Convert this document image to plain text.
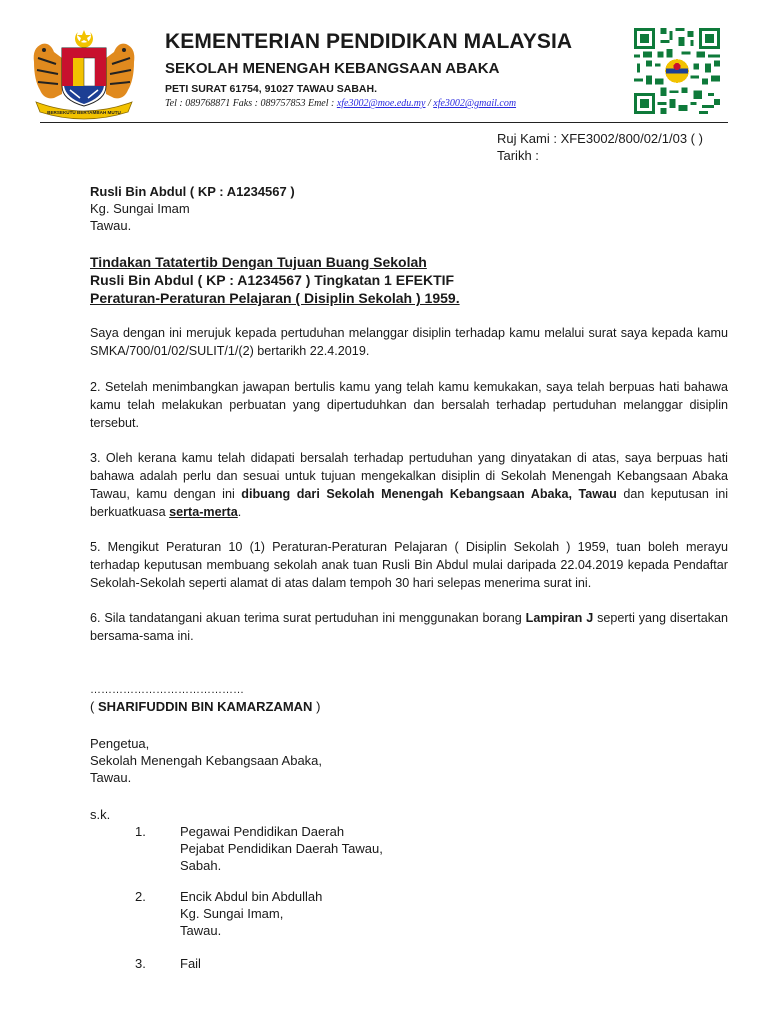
BERSEKUTU BERTAMBAH MUTU
KEMENTERIAN PENDIDIKAN MALAYSIA
SEKOLAH MENENGAH KEBANGSAAN ABAKA
PETI SURAT 61754, 91027 TAWAU SABAH.
Tel : 089768871 Faks : 089757853 Emel : xfe3002@moe.edu.my / xfe3002@gmail.com
Ruj Kami : XFE3002/800/02/1/03 ( )
Tarikh :
Rusli Bin Abdul ( KP : A1234567 )
Kg. Sungai Imam
Tawau.
Tindakan Tatatertib Dengan Tujuan Buang Sekolah
Rusli Bin Abdul ( KP : A1234567 ) Tingkatan 1 EFEKTIF
Peraturan-Peraturan Pelajaran ( Disiplin Sekolah ) 1959.
Saya dengan ini merujuk kepada pertuduhan melanggar disiplin terhadap kamu melalui surat saya kepada kamu SMKA/700/01/02/SULIT/1/(2) bertarikh 22.4.2019.
2. Setelah menimbangkan jawapan bertulis kamu yang telah kamu kemukakan, saya telah berpuas hati bahawa kamu telah melakukan perbuatan yang dipertuduhkan dan bersalah terhadap pertuduhan melanggar disiplin tersebut.
3. Oleh kerana kamu telah didapati bersalah terhadap pertuduhan yang dinyatakan di atas, saya berpuas hati bahawa adalah perlu dan sesuai untuk tujuan mengekalkan disiplin di Sekolah Menengah Kebangsaan Abaka Tawau, kamu dengan ini dibuang dari Sekolah Menengah Kebangsaan Abaka, Tawau dan keputusan ini berkuatkuasa serta-merta.
5. Mengikut Peraturan 10 (1) Peraturan-Peraturan Pelajaran ( Disiplin Sekolah ) 1959, tuan boleh merayu terhadap keputusan membuang sekolah anak tuan Rusli Bin Abdul mulai daripada 22.04.2019 kepada Pendaftar Sekolah-Sekolah seperti alamat di atas dalam tempoh 30 hari selepas menerima surat ini.
6. Sila tandatangani akuan terima surat pertuduhan ini menggunakan borang Lampiran J seperti yang disertakan bersama-sama ini.
……………………………………
( SHARIFUDDIN BIN KAMARZAMAN )
Pengetua,
Sekolah Menengah Kebangsaan Abaka,
Tawau.
s.k.
1.	Pegawai Pendidikan Daerah
Pejabat Pendidikan Daerah Tawau,
Sabah.
2.	Encik Abdul bin Abdullah
Kg. Sungai Imam,
Tawau.
3.	Fail
